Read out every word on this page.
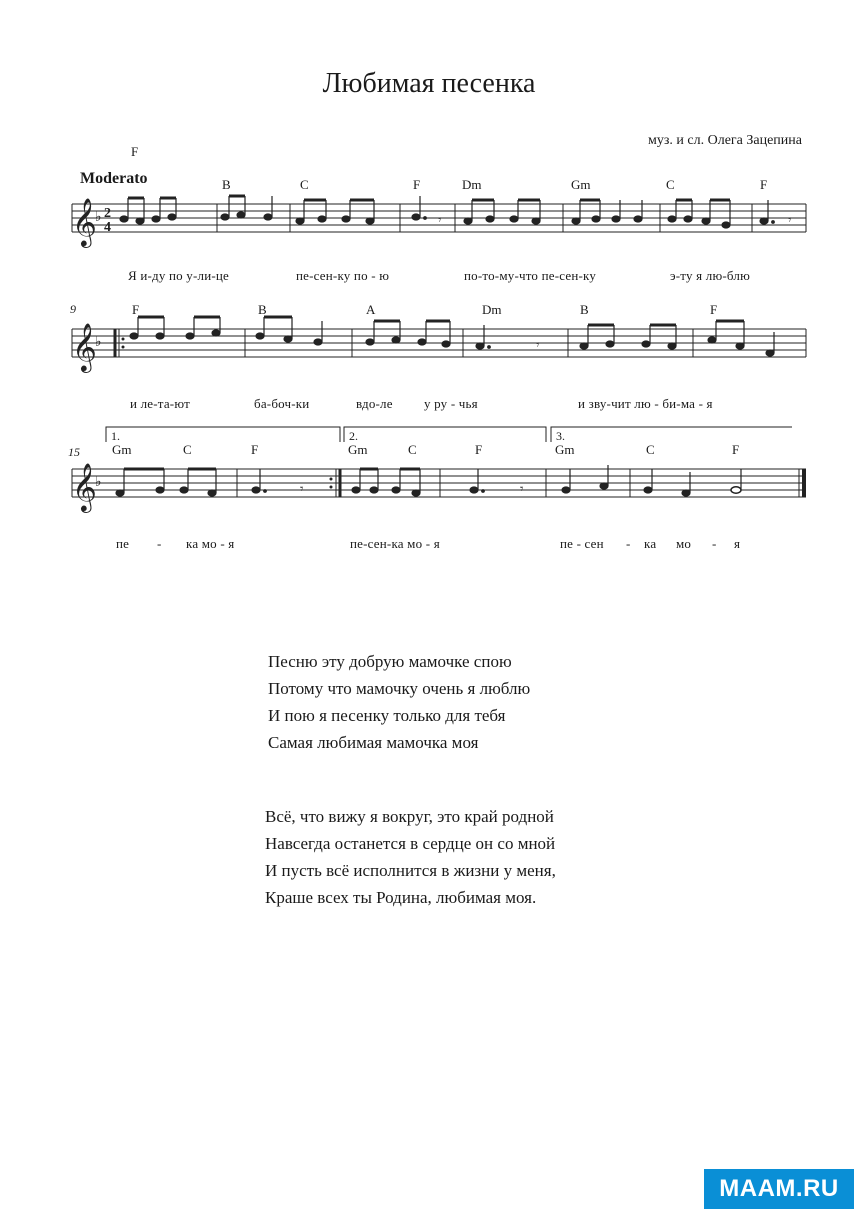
Любимая песенка
муз. и сл. Олега Зацепина
F
Moderato	B	C	F	Dm	Gm	C	F
𝄞
♭ 2
4	𝄾	𝄾
Я и-ду по у-ли-це	пе-сен-ку по - ю	по-то-му-что пе-сен-ку	э-ту я лю-блю
9	F	B	A	Dm	B	F
𝄞
♭	𝄾
и ле-та-ют	ба-боч-ки	вдо-ле у ру - чья	и зву-чит лю - би-ма - я
1.	2.	3.
15 Gm	C	F	Gm	C	F	Gm	C	F
𝄞
♭	𝄾	𝄾
пе - ка мо - я	пе-сен-ка мо - я	пе - сен - ка мо - я
Песню эту добрую мамочке спою
Потому что мамочку очень я люблю
И пою я песенку только для тебя
Самая любимая мамочка моя
Всё, что вижу я вокруг, это край родной
Навсегда останется в сердце он со мной
И пусть всё исполнится в жизни у меня,
Краше всех ты Родина, любимая моя.
MAAM.RU
